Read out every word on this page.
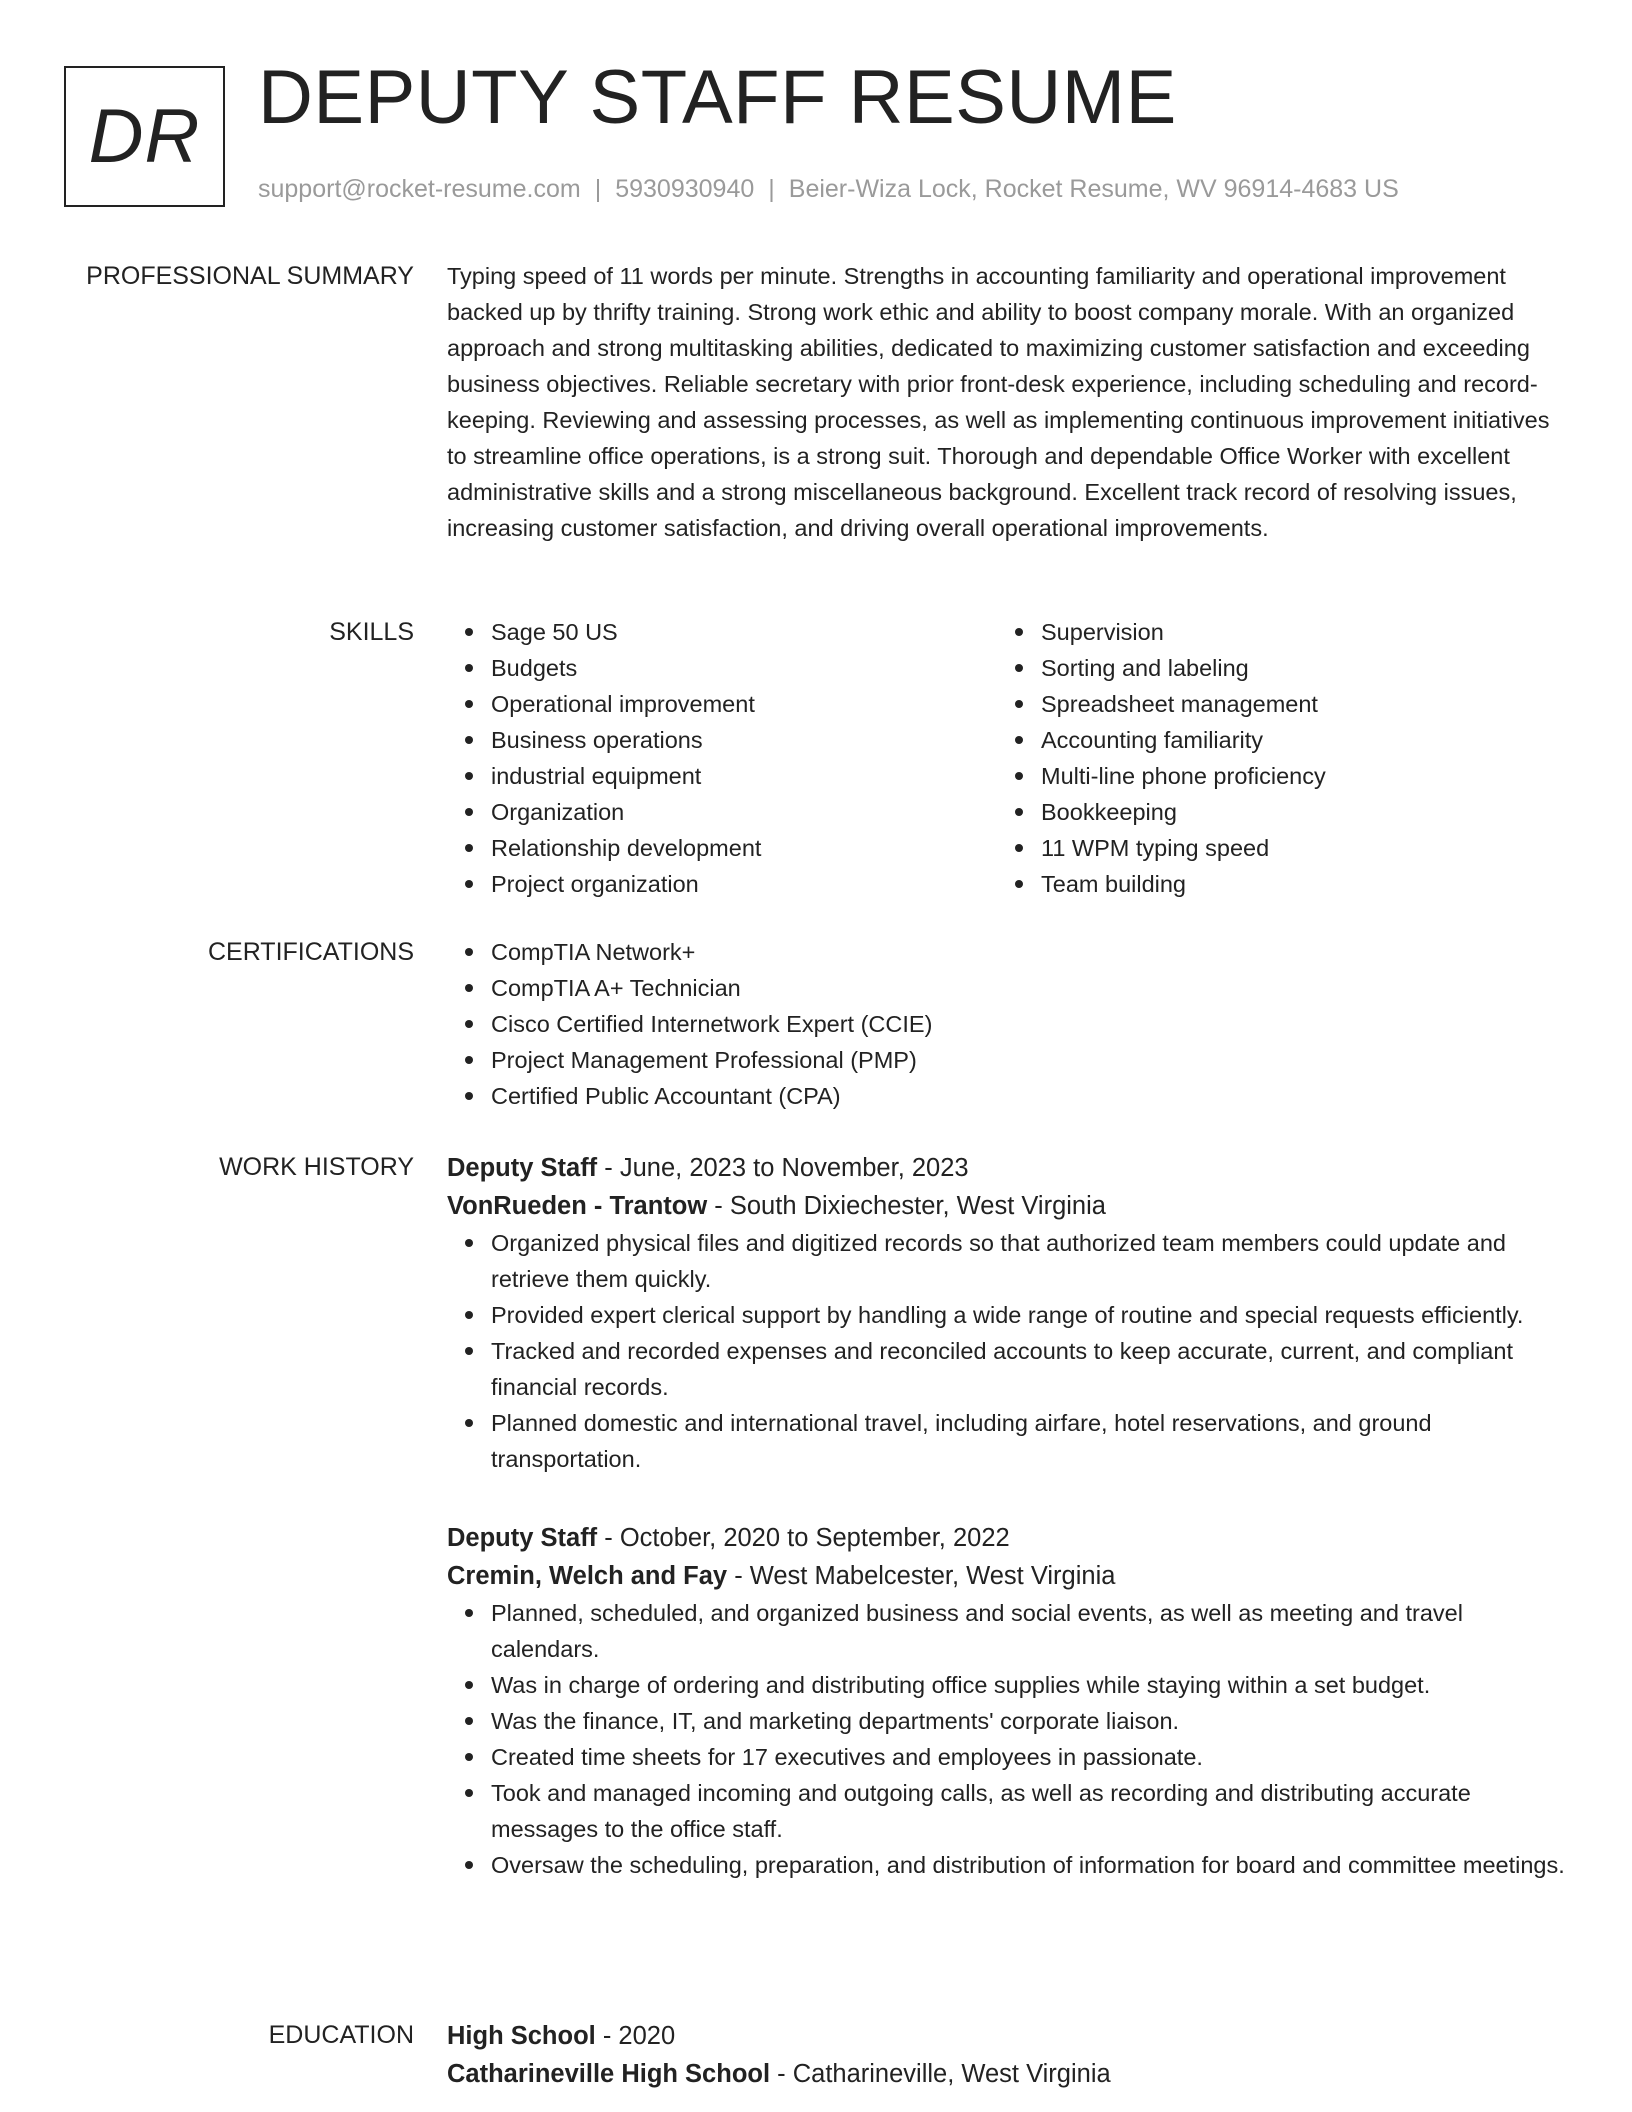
DR DEPUTY STAFF RESUME
support@rocket-resume.com | 5930930940 | Beier-Wiza Lock, Rocket Resume, WV 96914-4683 US
PROFESSIONAL SUMMARY Typing speed of 11 words per minute. Strengths in accounting familiarity and operational improvement backed up by thrifty training. Strong work ethic and ability to boost company morale. With an organized approach and strong multitasking abilities, dedicated to maximizing customer satisfaction and exceeding business objectives. Reliable secretary with prior front-desk experience, including scheduling and record-keeping. Reviewing and assessing processes, as well as implementing continuous improvement initiatives to streamline office operations, is a strong suit. Thorough and dependable Office Worker with excellent administrative skills and a strong miscellaneous background. Excellent track record of resolving issues, increasing customer satisfaction, and driving overall operational improvements.

SKILLS	Sage 50 US
Budgets
Operational improvement
Business operations
industrial equipment
Organization
Relationship development
Project organization
Supervision
Sorting and labeling
Spreadsheet management
Accounting familiarity
Multi-line phone proficiency
Bookkeeping
11 WPM typing speed
Team building
CERTIFICATIONS	CompTIA Network+
CompTIA A+ Technician
Cisco Certified Internetwork Expert (CCIE)
Project Management Professional (PMP)
Certified Public Accountant (CPA)
WORK HISTORY Deputy Staff - June, 2023 to November, 2023
VonRueden - Trantow - South Dixiechester, West Virginia
Organized physical files and digitized records so that authorized team members could update and retrieve them quickly.
Provided expert clerical support by handling a wide range of routine and special requests efficiently.
Tracked and recorded expenses and reconciled accounts to keep accurate, current, and compliant financial records.
Planned domestic and international travel, including airfare, hotel reservations, and ground transportation.
Deputy Staff - October, 2020 to September, 2022
Cremin, Welch and Fay - West Mabelcester, West Virginia
Planned, scheduled, and organized business and social events, as well as meeting and travel calendars.
Was in charge of ordering and distributing office supplies while staying within a set budget.
Was the finance, IT, and marketing departments' corporate liaison.
Created time sheets for 17 executives and employees in passionate.
Took and managed incoming and outgoing calls, as well as recording and distributing accurate messages to the office staff.
Oversaw the scheduling, preparation, and distribution of information for board and committee meetings.
EDUCATION High School - 2020
Catharineville High School - Catharineville, West Virginia
